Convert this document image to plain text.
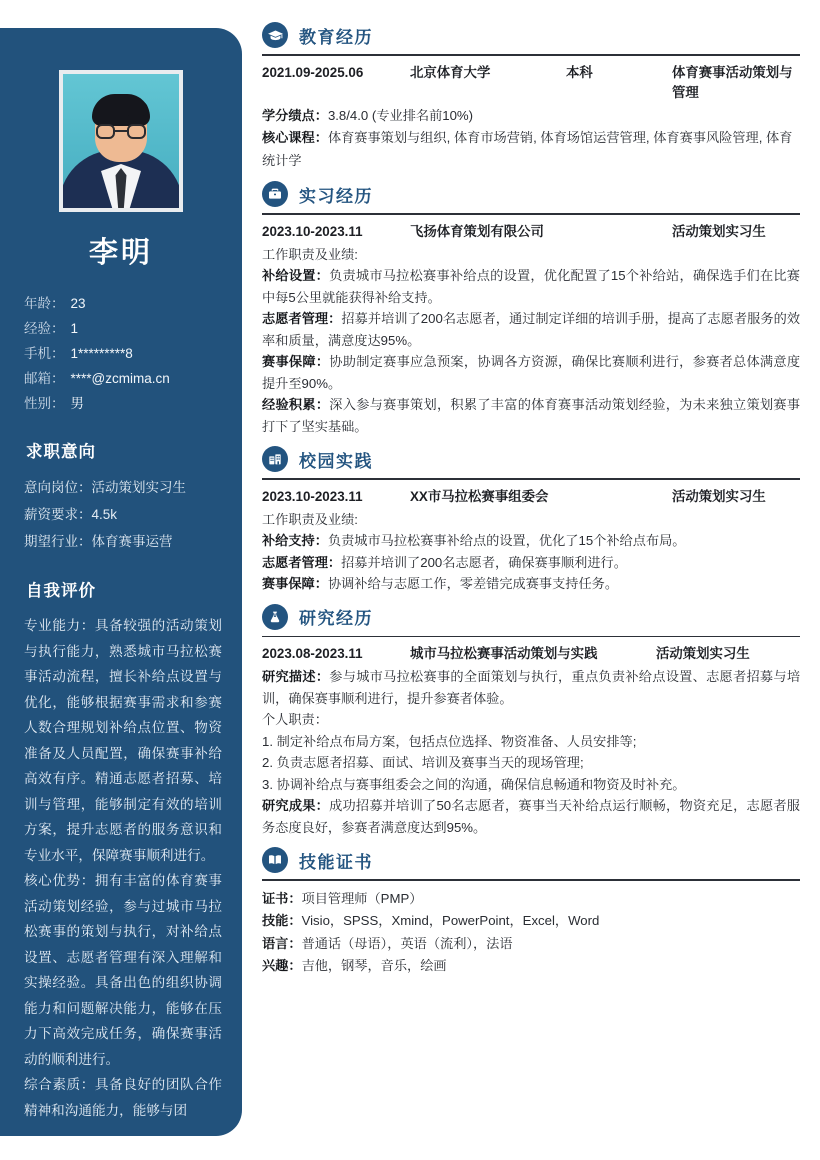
李明
年龄： 23
经验： 1
手机： 1*********8
邮箱： ****@zcmima.cn
性别： 男
求职意向
意向岗位：活动策划实习生
薪资要求：4.5k
期望行业：体育赛事运营
自我评价
专业能力：具备较强的活动策划与执行能力，熟悉城市马拉松赛事活动流程，擅长补给点设置与优化，能够根据赛事需求和参赛人数合理规划补给点位置、物资准备及人员配置，确保赛事补给高效有序。精通志愿者招募、培训与管理，能够制定有效的培训方案，提升志愿者的服务意识和专业水平，保障赛事顺利进行。
核心优势：拥有丰富的体育赛事活动策划经验，参与过城市马拉松赛事的策划与执行，对补给点设置、志愿者管理有深入理解和实操经验。具备出色的组织协调能力和问题解决能力，能够在压力下高效完成任务，确保赛事活动的顺利进行。
综合素质：具备良好的团队合作精神和沟通能力，能够与团
教育经历
2021.09-2025.06	北京体育大学	本科	体育赛事活动策划与管理
学分绩点：3.8/4.0 (专业排名前10%)
核心课程：体育赛事策划与组织, 体育市场营销, 体育场馆运营管理, 体育赛事风险管理, 体育统计学
实习经历
2023.10-2023.11	飞扬体育策划有限公司	活动策划实习生
工作职责及业绩:
补给设置：负责城市马拉松赛事补给点的设置，优化配置了15个补给站，确保选手们在比赛中每5公里就能获得补给支持。
志愿者管理：招募并培训了200名志愿者，通过制定详细的培训手册，提高了志愿者服务的效率和质量，满意度达95%。
赛事保障：协助制定赛事应急预案，协调各方资源，确保比赛顺利进行，参赛者总体满意度提升至90%。
经验积累：深入参与赛事策划，积累了丰富的体育赛事活动策划经验，为未来独立策划赛事打下了坚实基础。
校园实践
2023.10-2023.11	XX市马拉松赛事组委会	活动策划实习生
工作职责及业绩:
补给支持：负责城市马拉松赛事补给点的设置，优化了15个补给点布局。
志愿者管理：招募并培训了200名志愿者，确保赛事顺利进行。
赛事保障：协调补给与志愿工作，零差错完成赛事支持任务。
研究经历
2023.08-2023.11	城市马拉松赛事活动策划与实践	活动策划实习生
研究描述：参与城市马拉松赛事的全面策划与执行，重点负责补给点设置、志愿者招募与培训，确保赛事顺利进行，提升参赛者体验。
个人职责：
1. 制定补给点布局方案，包括点位选择、物资准备、人员安排等;
2. 负责志愿者招募、面试、培训及赛事当天的现场管理;
3. 协调补给点与赛事组委会之间的沟通，确保信息畅通和物资及时补充。
研究成果：成功招募并培训了50名志愿者，赛事当天补给点运行顺畅，物资充足，志愿者服务态度良好，参赛者满意度达到95%。
技能证书
证书：项目管理师（PMP）
技能：Visio，SPSS，Xmind，PowerPoint，Excel，Word
语言：普通话（母语），英语（流利），法语
兴趣：吉他，钢琴，音乐，绘画
